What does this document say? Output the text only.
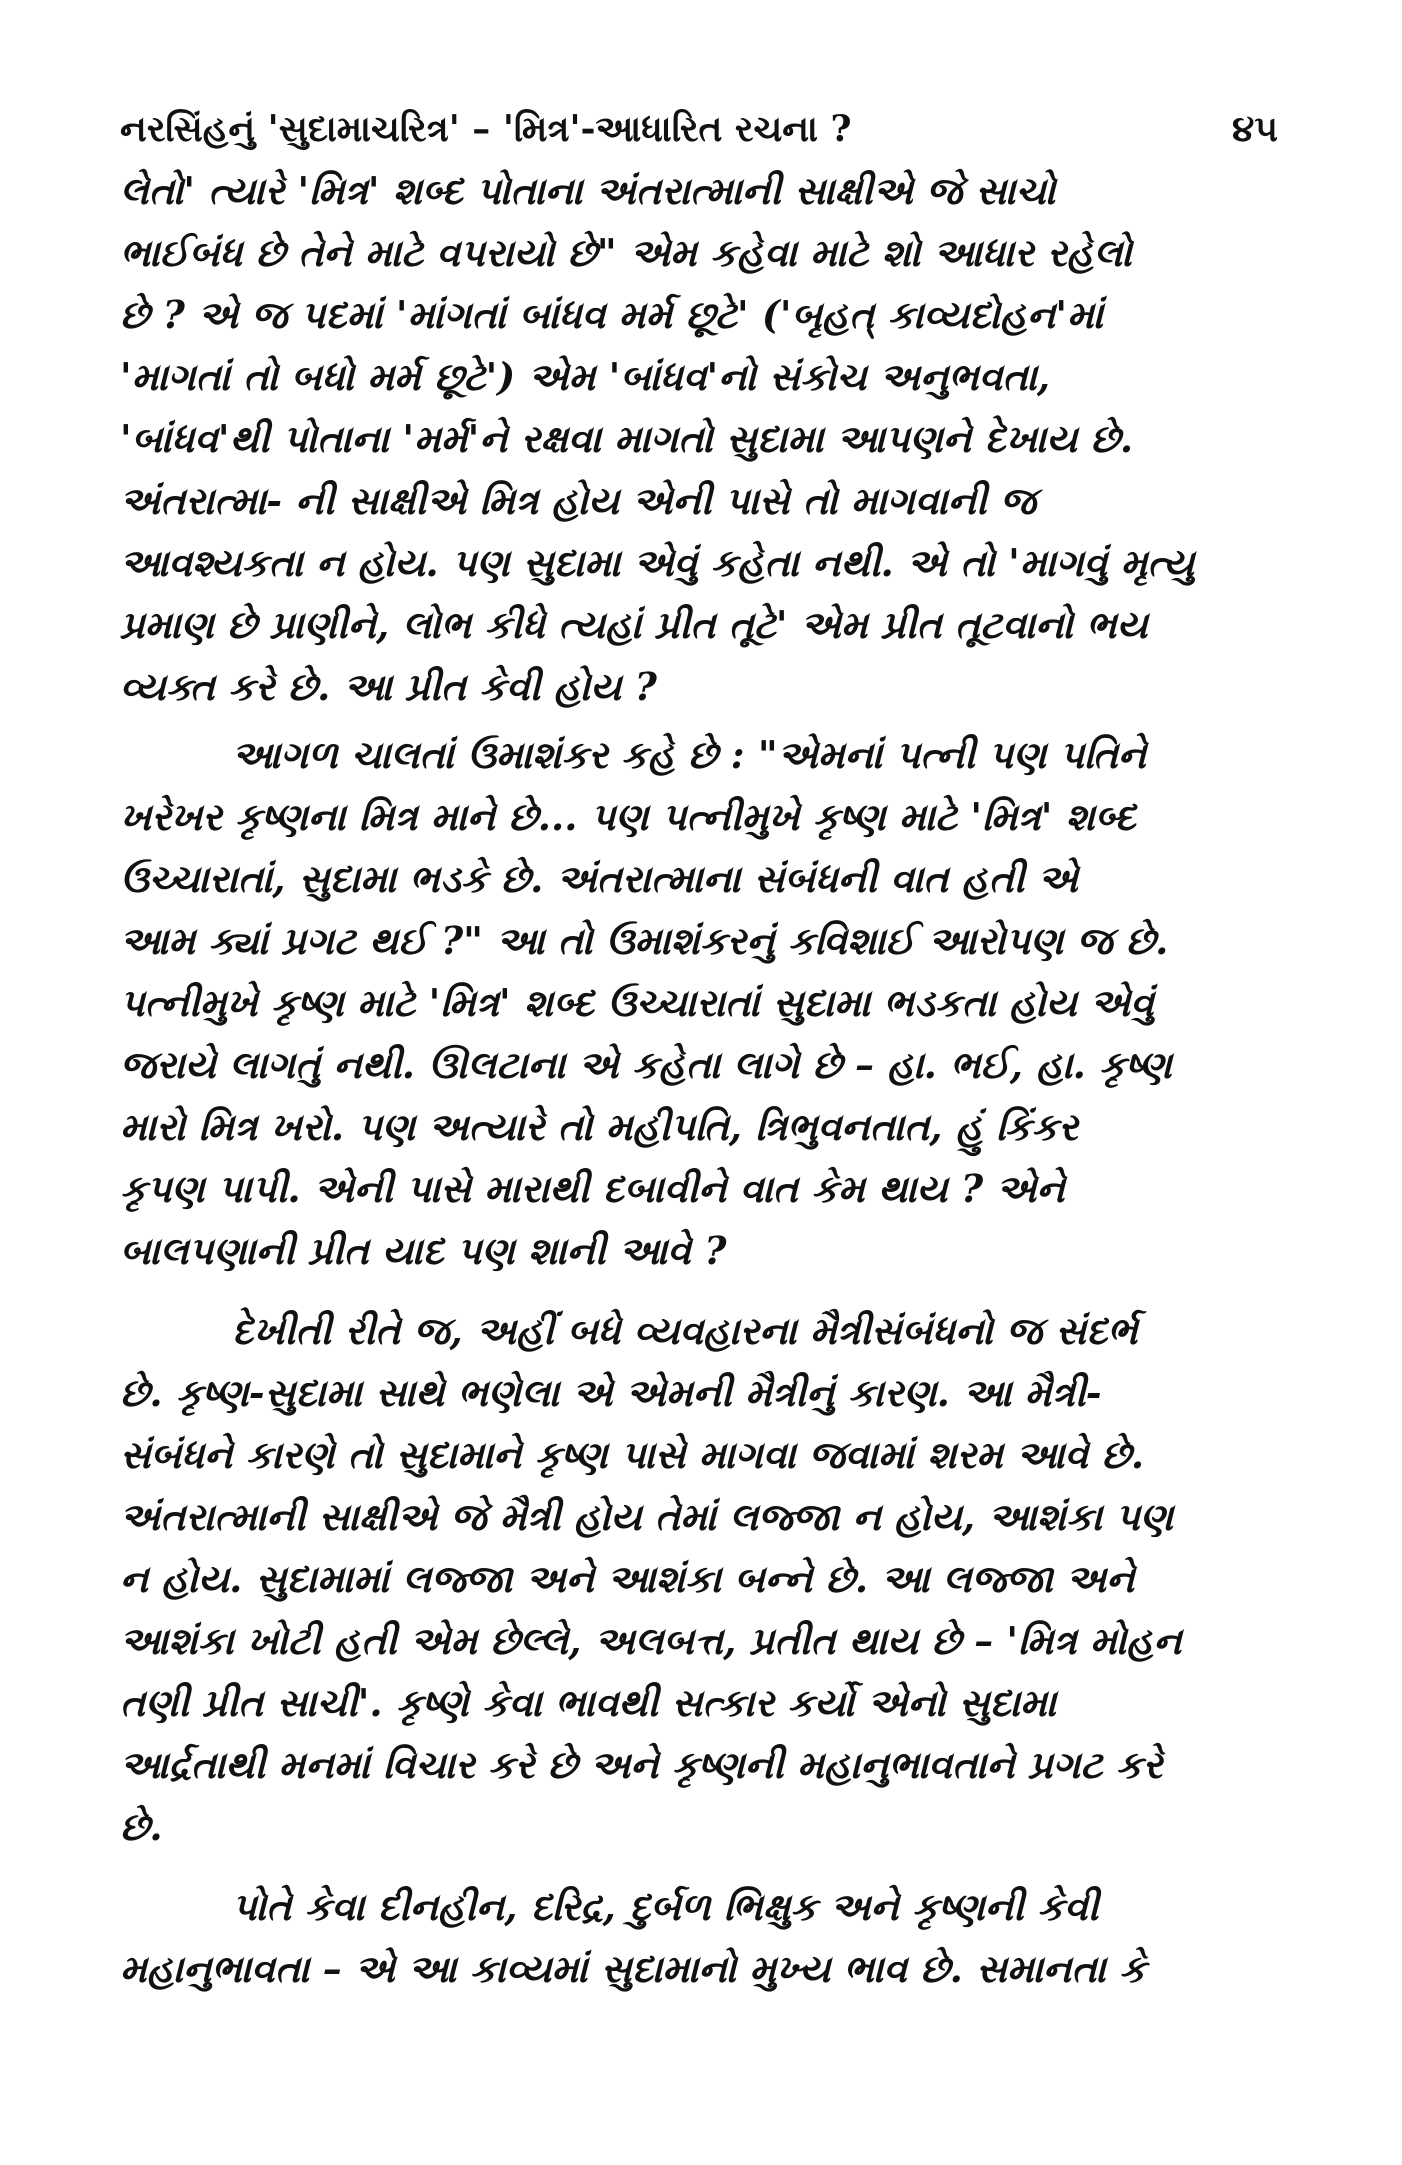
નરસિંહનું 'સુદામાચરિત્ર' – 'મિત્ર'-આધારિત રચના ?	૪૫
લેતો' ત્યારે 'મિત્ર' શબ્દ પોતાના અંતરાત્માની સાક્ષીએ જે સાચો
ભાઈબંધ છે તેને માટે વપરાયો છે" એમ કહેવા માટે શો આધાર રહેલો
છે ? એ જ પદમાં 'માંગતાં બાંધવ મર્મ છૂટે' ('બૃહત્ કાવ્યદોહન'માં
'માગતાં તો બધો મર્મ છૂટે') એમ 'બાંધવ'નો સંકોચ અનુભવતા,
'બાંધવ'થી પોતાના 'મર્મ'ને રક્ષવા માગતો સુદામા આપણને દેખાય છે.
અંતરાત્મા- ની સાક્ષીએ મિત્ર હોય એની પાસે તો માગવાની જ
આવશ્યકતા ન હોય. પણ સુદામા એવું કહેતા નથી. એ તો 'માગવું મૃત્યુ
પ્રમાણ છે પ્રાણીને, લોભ કીધે ત્યહાં પ્રીત તૂટે' એમ પ્રીત તૂટવાનો ભય
વ્યક્ત કરે છે. આ પ્રીત કેવી હોય ?
આગળ ચાલતાં ઉમાશંકર કહે છે : "એમનાં પત્ની પણ પતિને
ખરેખર કૃષ્ણના મિત્ર માને છે... પણ પત્નીમુખે કૃષ્ણ માટે 'મિત્ર' શબ્દ
ઉચ્ચારાતાં, સુદામા ભડકે છે. અંતરાત્માના સંબંધની વાત હતી એ
આમ ક્યાં પ્રગટ થઈ ?" આ તો ઉમાશંકરનું કવિશાઈ આરોપણ જ છે.
પત્નીમુખે કૃષ્ણ માટે 'મિત્ર' શબ્દ ઉચ્ચારાતાં સુદામા ભડકતા હોય એવું
જરાયે લાગતું નથી. ઊલટાના એ કહેતા લાગે છે – હા. ભઈ, હા. કૃષ્ણ
મારો મિત્ર ખરો. પણ અત્યારે તો મહીપતિ, ત્રિભુવનતાત, હું કિંકર
કૃપણ પાપી. એની પાસે મારાથી દબાવીને વાત કેમ થાય ? એને
બાલપણાની પ્રીત યાદ પણ શાની આવે ?
દેખીતી રીતે જ, અહીં બધે વ્યવહારના મૈત્રીસંબંધનો જ સંદર્ભ
છે. કૃષ્ણ-સુદામા સાથે ભણેલા એ એમની મૈત્રીનું કારણ. આ મૈત્રી-
સંબંધને કારણે તો સુદામાને કૃષ્ણ પાસે માગવા જવામાં શરમ આવે છે.
અંતરાત્માની સાક્ષીએ જે મૈત્રી હોય તેમાં લજ્જા ન હોય, આશંકા પણ
ન હોય. સુદામામાં લજ્જા અને આશંકા બન્ને છે. આ લજ્જા અને
આશંકા ખોટી હતી એમ છેલ્લે, અલબત્ત, પ્રતીત થાય છે – 'મિત્ર મોહન
તણી પ્રીત સાચી'. કૃષ્ણે કેવા ભાવથી સત્કાર કર્યો એનો સુદામા
આર્દ્રતાથી મનમાં વિચાર કરે છે અને કૃષ્ણની મહાનુભાવતાને પ્રગટ કરે
છે.
પોતે કેવા દીનહીન, દરિદ્ર, દુર્બળ ભિક્ષુક અને કૃષ્ણની કેવી
મહાનુભાવતા – એ આ કાવ્યમાં સુદામાનો મુખ્ય ભાવ છે. સમાનતા કે
